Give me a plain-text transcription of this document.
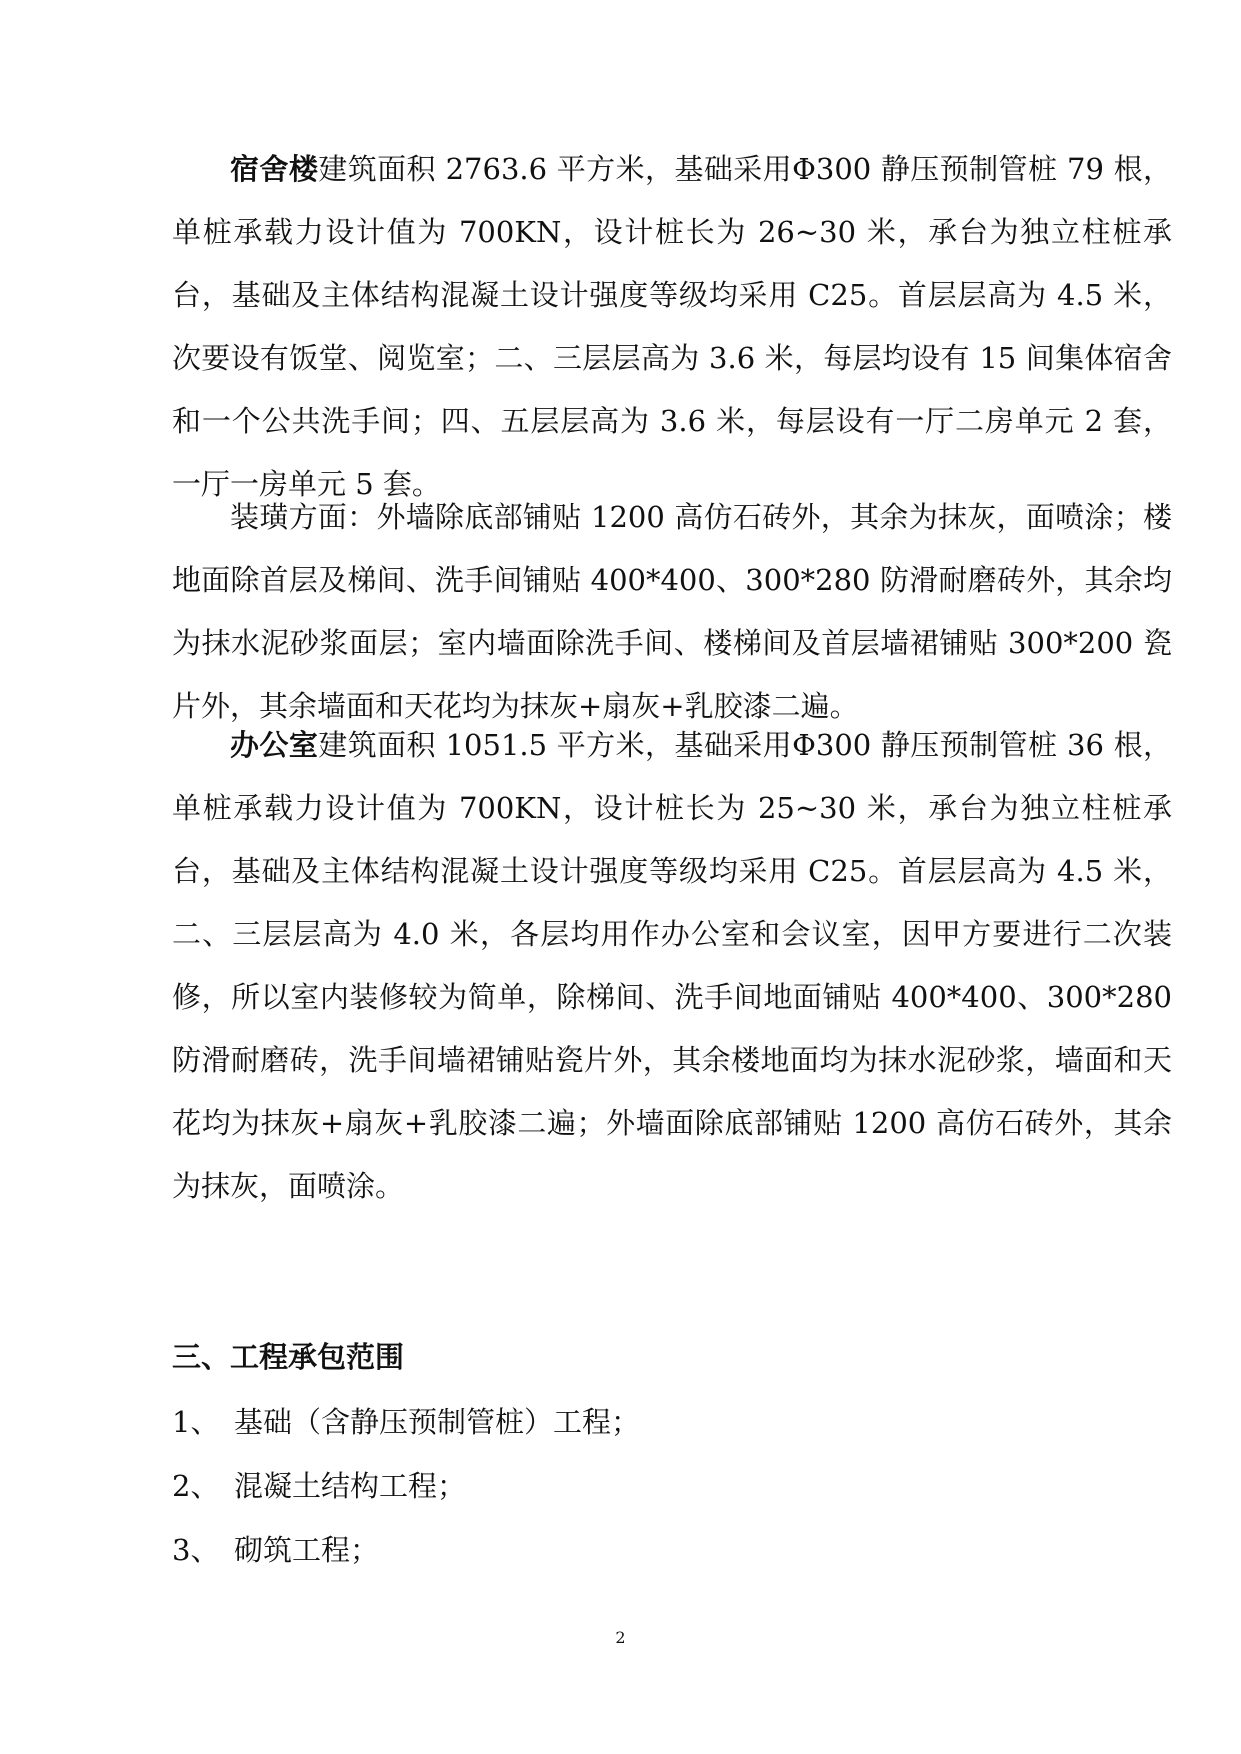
宿舍楼建筑面积 2763.6 平方米，基础采用Φ300 静压预制管桩 79 根，单桩承载力设计值为 700KN，设计桩长为 26~30 米，承台为独立柱桩承台，基础及主体结构混凝土设计强度等级均采用 C25。首层层高为 4.5 米，次要设有饭堂、阅览室；二、三层层高为 3.6 米，每层均设有 15 间集体宿舍和一个公共洗手间；四、五层层高为 3.6 米，每层设有一厅二房单元 2 套，一厅一房单元 5 套。

装璜方面：外墙除底部铺贴 1200 高仿石砖外，其余为抹灰，面喷涂；楼地面除首层及梯间、洗手间铺贴 400*400、300*280 防滑耐磨砖外，其余均为抹水泥砂浆面层；室内墙面除洗手间、楼梯间及首层墙裙铺贴 300*200 瓷片外，其余墙面和天花均为抹灰+扇灰+乳胶漆二遍。

办公室建筑面积 1051.5 平方米，基础采用Φ300 静压预制管桩 36 根，单桩承载力设计值为 700KN，设计桩长为 25~30 米，承台为独立柱桩承台，基础及主体结构混凝土设计强度等级均采用 C25。首层层高为 4.5 米，二、三层层高为 4.0 米，各层均用作办公室和会议室，因甲方要进行二次装修，所以室内装修较为简单，除梯间、洗手间地面铺贴 400*400、300*280 防滑耐磨砖，洗手间墙裙铺贴瓷片外，其余楼地面均为抹水泥砂浆，墙面和天花均为抹灰+扇灰+乳胶漆二遍；外墙面除底部铺贴 1200 高仿石砖外，其余为抹灰，面喷涂。

三、工程承包范围

1、 基础（含静压预制管桩）工程；

2、 混凝土结构工程；

3、 砌筑工程；

2
